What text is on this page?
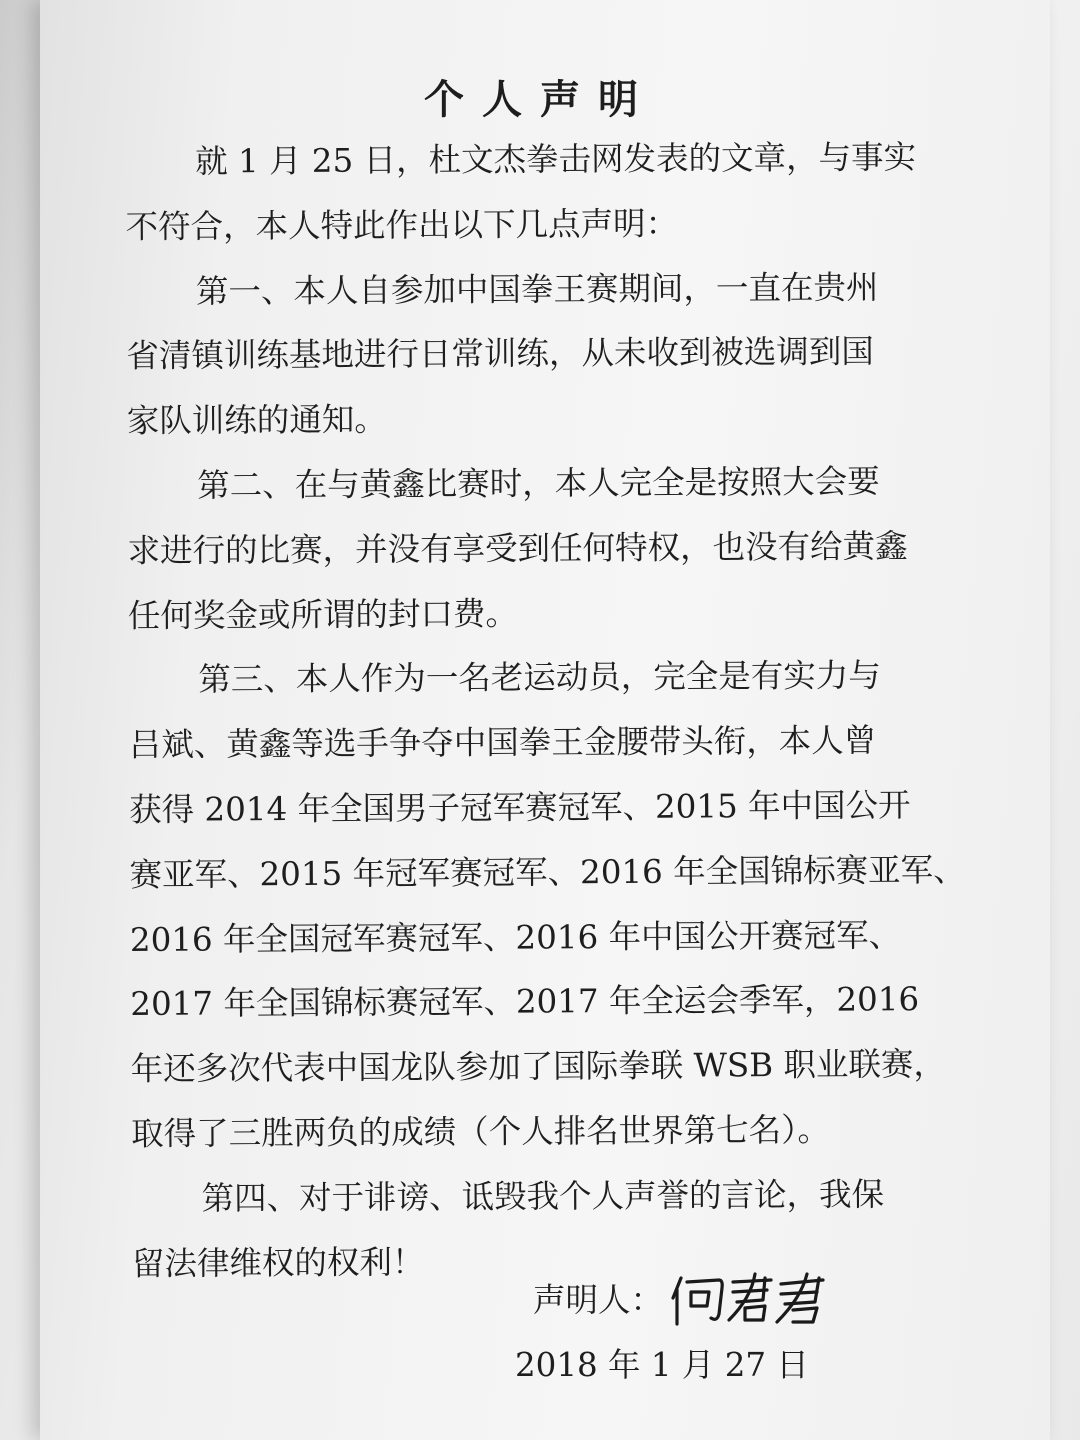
个人声明
就 1 月 25 日，杜文杰拳击网发表的文章，与事实
不符合，本人特此作出以下几点声明：
第一、本人自参加中国拳王赛期间，一直在贵州
省清镇训练基地进行日常训练，从未收到被选调到国
家队训练的通知。
第二、在与黄鑫比赛时，本人完全是按照大会要
求进行的比赛，并没有享受到任何特权，也没有给黄鑫
任何奖金或所谓的封口费。
第三、本人作为一名老运动员，完全是有实力与
吕斌、黄鑫等选手争夺中国拳王金腰带头衔，本人曾
获得 2014 年全国男子冠军赛冠军、2015 年中国公开
赛亚军、2015 年冠军赛冠军、2016 年全国锦标赛亚军、
2016 年全国冠军赛冠军、2016 年中国公开赛冠军、
2017 年全国锦标赛冠军、2017 年全运会季军，2016
年还多次代表中国龙队参加了国际拳联 WSB 职业联赛，
取得了三胜两负的成绩（个人排名世界第七名）。
第四、对于诽谤、诋毁我个人声誉的言论，我保
留法律维权的权利！
声明人：
2018 年 1 月 27 日
